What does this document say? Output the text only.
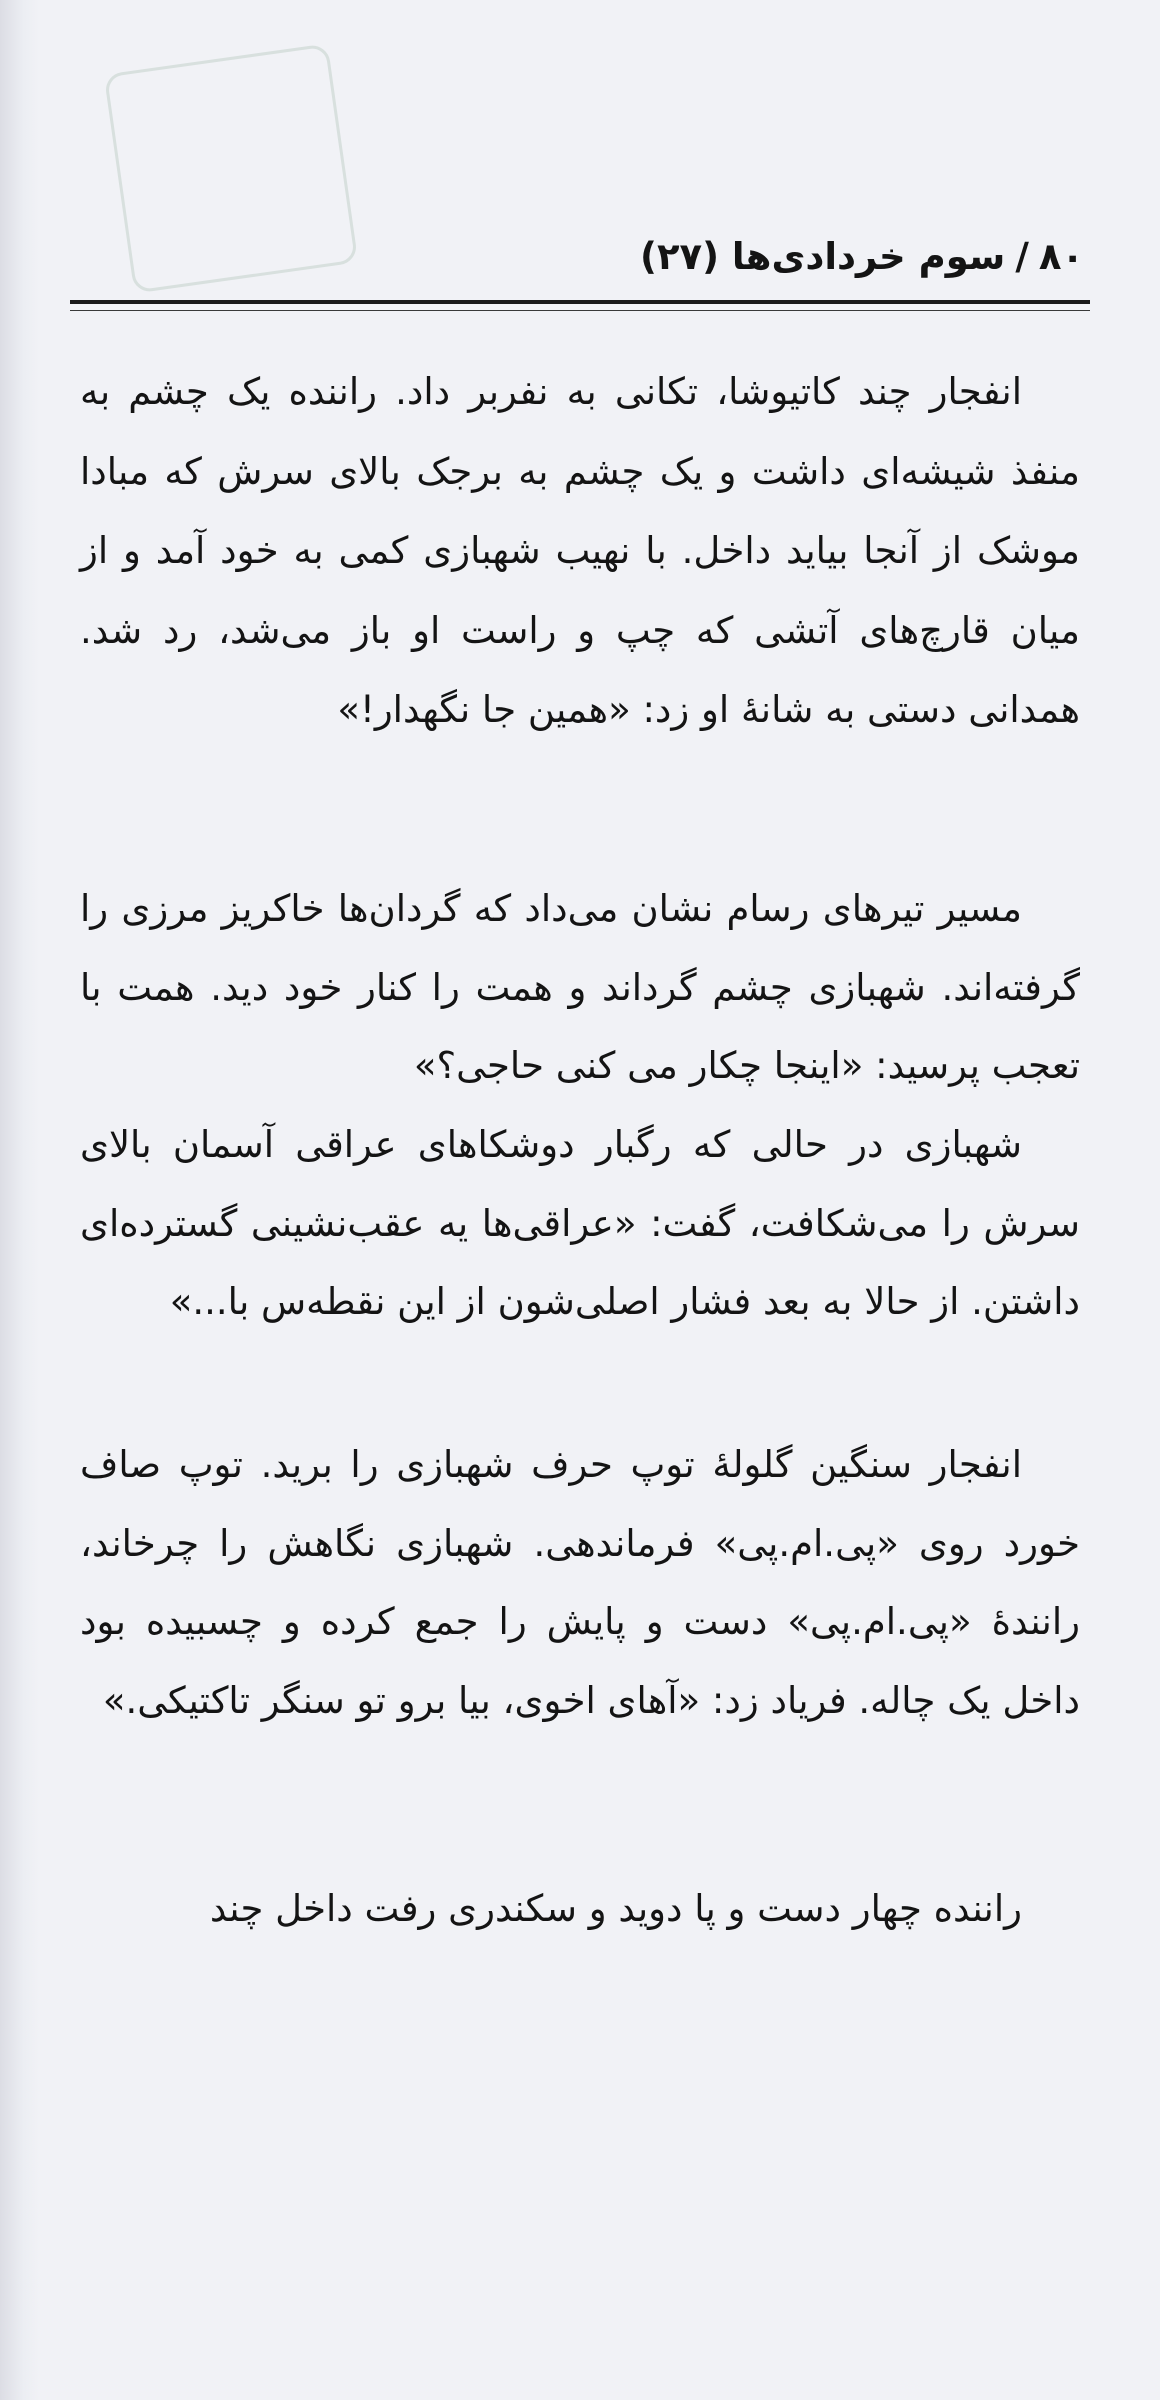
۸۰/سوم خردادی‌ها (۲۷)

انفجار چند کاتیوشا، تکانی به نفربر داد. راننده یک چشم به منفذ شیشه‌ای داشت و یک چشم به برجک بالای سرش که مبادا موشک از آنجا بیاید داخل. با نهیب شهبازی کمی به خود آمد و از میان قارچ‌های آتشی که چپ و راست او باز می‌شد، رد شد. همدانی دستی به شانهٔ او زد: «همین جا نگهدار!»

مسیر تیرهای رسام نشان می‌داد که گردان‌ها خاکریز مرزی را گرفته‌اند. شهبازی چشم گرداند و همت را کنار خود دید. همت با تعجب پرسید: «اینجا چکار می کنی حاجی؟»

شهبازی در حالی که رگبار دوشکاهای عراقی آسمان بالای سرش را می‌شکافت، گفت: «عراقی‌ها یه عقب‌نشینی گسترده‌ای داشتن. از حالا به بعد فشار اصلی‌شون از این نقطه‌س با...»

انفجار سنگین گلولهٔ توپ حرف شهبازی را برید. توپ صاف خورد روی «پی.ام.پی» فرماندهی. شهبازی نگاهش را چرخاند، رانندهٔ «پی.ام.پی» دست و پایش را جمع کرده و چسبیده بود داخل یک چاله. فریاد زد: «آهای اخوی، بیا برو تو سنگر تاکتیکی.»

راننده چهار دست و پا دوید و سکندری رفت داخل چند
